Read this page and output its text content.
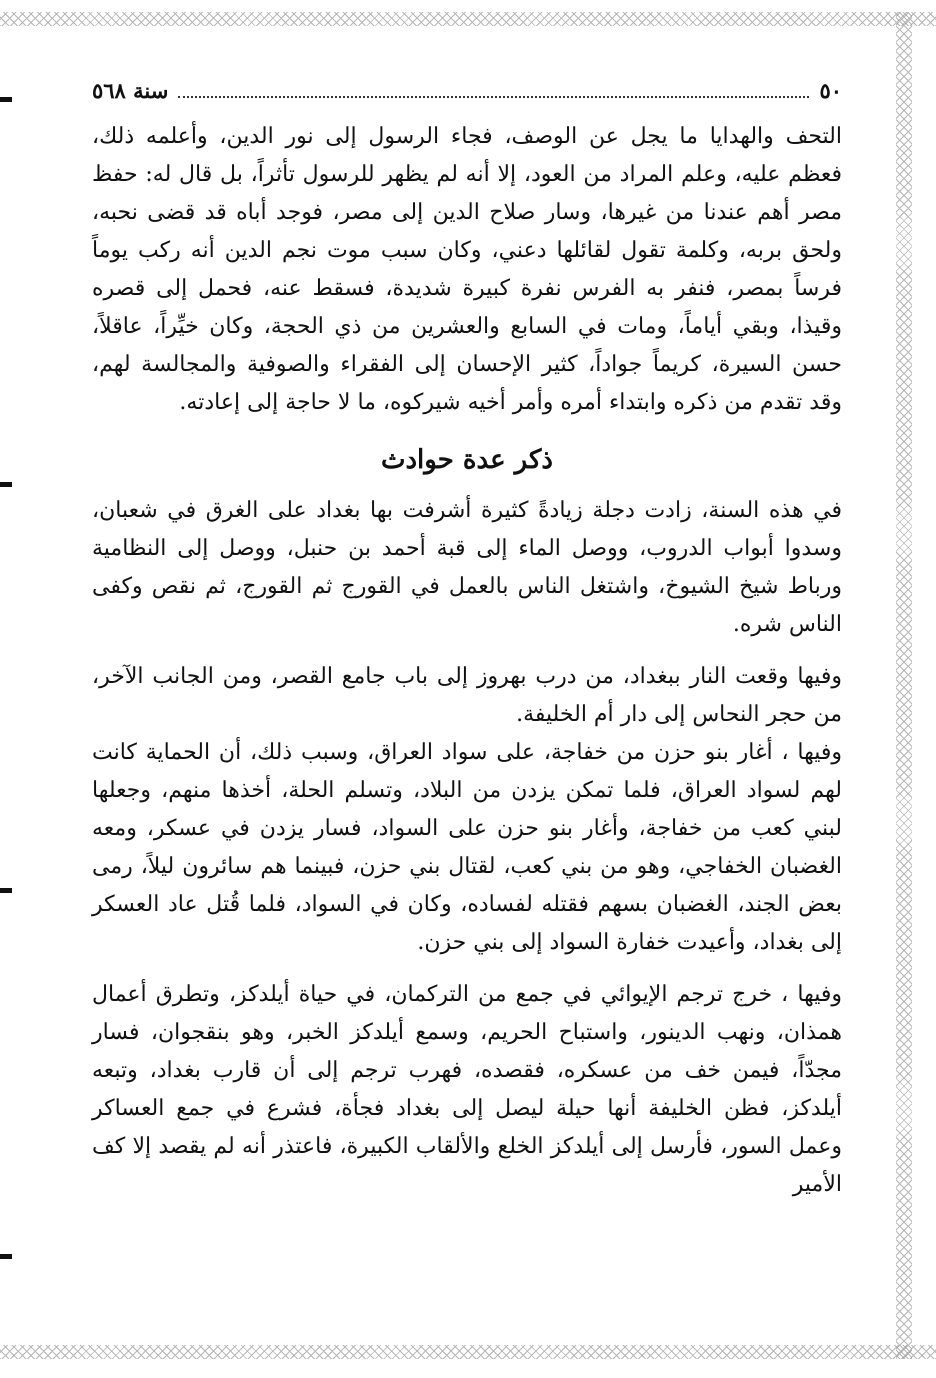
٥٠
سنة ٥٦٨

التحف والهدايا ما يجل عن الوصف، فجاء الرسول إلى نور الدين، وأعلمه ذلك، فعظم عليه، وعلم المراد من العود، إلا أنه لم يظهر للرسول تأثراً، بل قال له: حفظ مصر أهم عندنا من غيرها، وسار صلاح الدين إلى مصر، فوجد أباه قد قضى نحبه، ولحق بربه، وكلمة تقول لقائلها دعني، وكان سبب موت نجم الدين أنه ركب يوماً فرساً بمصر، فنفر به الفرس نفرة كبيرة شديدة، فسقط عنه، فحمل إلى قصره وقيذا، وبقي أياماً، ومات في السابع والعشرين من ذي الحجة، وكان خيِّراً، عاقلاً، حسن السيرة، كريماً جواداً، كثير الإحسان إلى الفقراء والصوفية والمجالسة لهم، وقد تقدم من ذكره وابتداء أمره وأمر أخيه شيركوه، ما لا حاجة إلى إعادته.

ذكر عدة حوادث

في هذه السنة، زادت دجلة زيادةً كثيرة أشرفت بها بغداد على الغرق في شعبان، وسدوا أبواب الدروب، ووصل الماء إلى قبة أحمد بن حنبل، ووصل إلى النظامية ورباط شيخ الشيوخ، واشتغل الناس بالعمل في القورج ثم القورج، ثم نقص وكفى الناس شره.

وفيها وقعت النار ببغداد، من درب بهروز إلى باب جامع القصر، ومن الجانب الآخر، من حجر النحاس إلى دار أم الخليفة.

وفيها ، أغار بنو حزن من خفاجة، على سواد العراق، وسبب ذلك، أن الحماية كانت لهم لسواد العراق، فلما تمكن يزدن من البلاد، وتسلم الحلة، أخذها منهم، وجعلها لبني كعب من خفاجة، وأغار بنو حزن على السواد، فسار يزدن في عسكر، ومعه الغضبان الخفاجي، وهو من بني كعب، لقتال بني حزن، فبينما هم سائرون ليلاً، رمى بعض الجند، الغضبان بسهم فقتله لفساده، وكان في السواد، فلما قُتل عاد العسكر إلى بغداد، وأعيدت خفارة السواد إلى بني حزن.

وفيها ، خرج ترجم الإيوائي في جمع من التركمان، في حياة أيلدكز، وتطرق أعمال همذان، ونهب الدينور، واستباح الحريم، وسمع أيلدكز الخبر، وهو بنقجوان، فسار مجدّاً، فيمن خف من عسكره، فقصده، فهرب ترجم إلى أن قارب بغداد، وتبعه أيلدكز، فظن الخليفة أنها حيلة ليصل إلى بغداد فجأة، فشرع في جمع العساكر وعمل السور، فأرسل إلى أيلدكز الخلع والألقاب الكبيرة، فاعتذر أنه لم يقصد إلا كف الأمير
